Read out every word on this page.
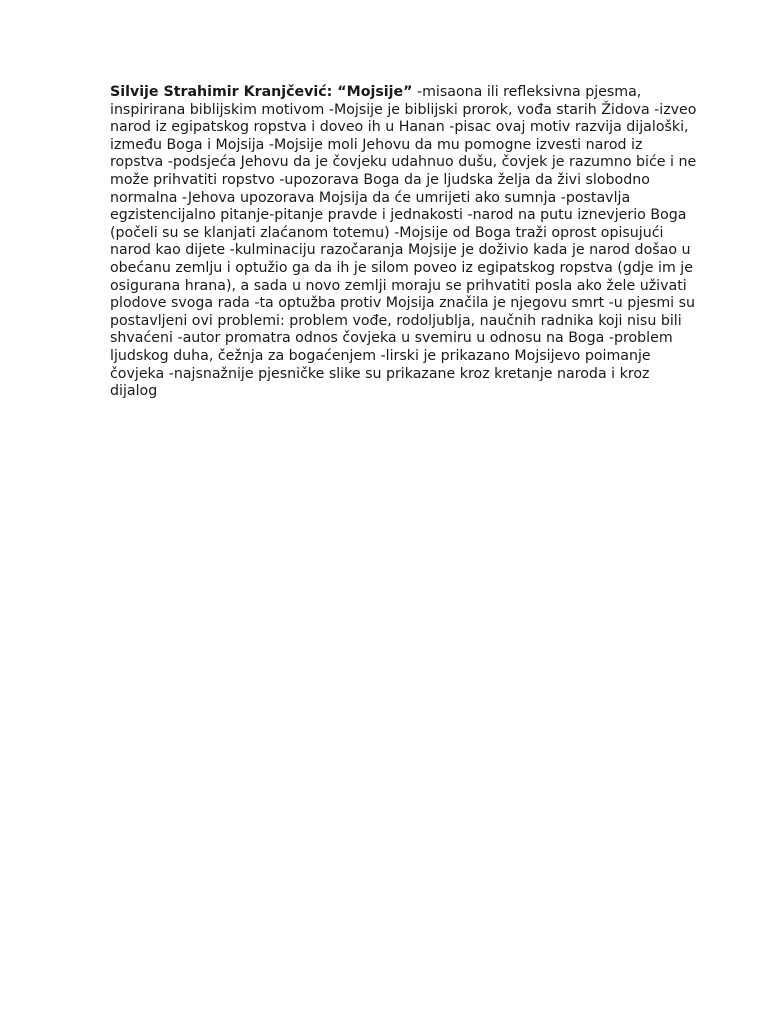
Silvije Strahimir Kranjčević: “Mojsije” -misaona ili refleksivna pjesma, inspirirana biblijskim motivom -Mojsije je biblijski prorok, vođa starih Židova -izveo narod iz egipatskog ropstva i doveo ih u Hanan -pisac ovaj motiv razvija dijaloški, između Boga i Mojsija -Mojsije moli Jehovu da mu pomogne izvesti narod iz ropstva -podsjeća Jehovu da je čovjeku udahnuo dušu, čovjek je razumno biće i ne može prihvatiti ropstvo -upozorava Boga da je ljudska želja da živi slobodno normalna -Jehova upozorava Mojsija da će umrijeti ako sumnja -postavlja egzistencijalno pitanje-pitanje pravde i jednakosti -narod na putu iznevjerio Boga (počeli su se klanjati zlaćanom totemu) -Mojsije od Boga traži oprost opisujući narod kao dijete -kulminaciju razočaranja Mojsije je doživio kada je narod došao u obećanu zemlju i optužio ga da ih je silom poveo iz egipatskog ropstva (gdje im je osigurana hrana), a sada u novo zemlji moraju se prihvatiti posla ako žele uživati plodove svoga rada -ta optužba protiv Mojsija značila je njegovu smrt -u pjesmi su postavljeni ovi problemi: problem vođe, rodoljublja, naučnih radnika koji nisu bili shvaćeni -autor promatra odnos čovjeka u svemiru u odnosu na Boga -problem ljudskog duha, čežnja za bogaćenjem -lirski je prikazano Mojsijevo poimanje čovjeka -najsnažnije pjesničke slike su prikazane kroz kretanje naroda i kroz dijalog
